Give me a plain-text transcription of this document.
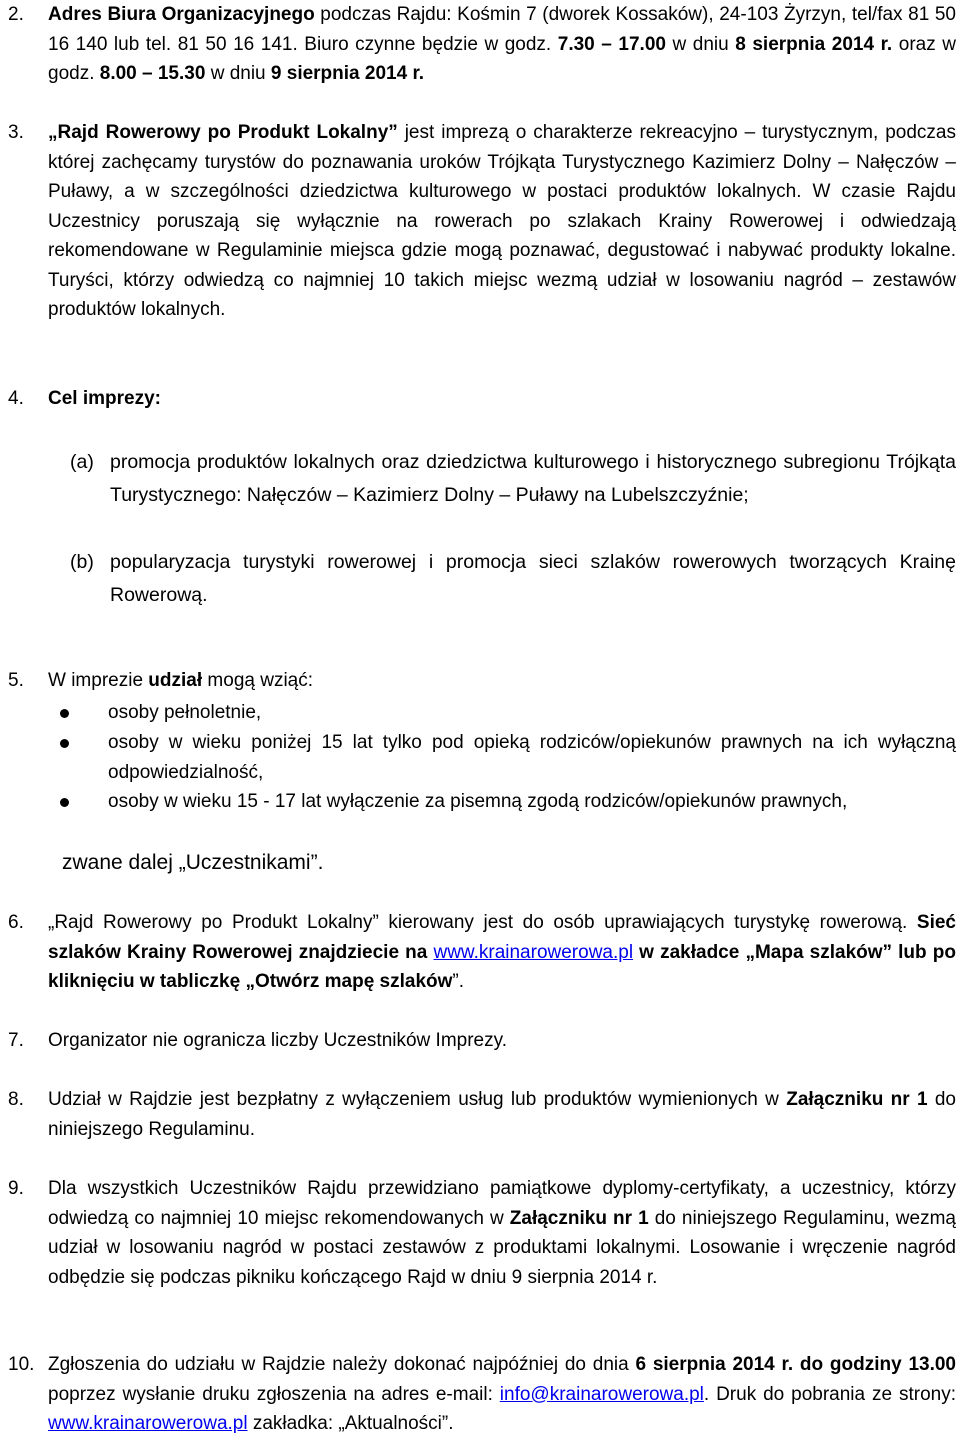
2. Adres Biura Organizacyjnego podczas Rajdu: Kośmin 7 (dworek Kossaków), 24-103 Żyrzyn, tel/fax 81 50 16 140 lub tel. 81 50 16 141. Biuro czynne będzie w godz. 7.30 – 17.00 w dniu 8 sierpnia 2014 r. oraz w godz. 8.00 – 15.30 w dniu 9 sierpnia 2014 r.
3. „Rajd Rowerowy po Produkt Lokalny” jest imprezą o charakterze rekreacyjno – turystycznym, podczas której zachęcamy turystów do poznawania uroków Trójkąta Turystycznego Kazimierz Dolny – Nałęczów – Puławy, a w szczególności dziedzictwa kulturowego w postaci produktów lokalnych. W czasie Rajdu Uczestnicy poruszają się wyłącznie na rowerach po szlakach Krainy Rowerowej i odwiedzają rekomendowane w Regulaminie miejsca gdzie mogą poznawać, degustować i nabywać produkty lokalne. Turyści, którzy odwiedzą co najmniej 10 takich miejsc wezmą udział w losowaniu nagród – zestawów produktów lokalnych.
4. Cel imprezy:
(a) promocja produktów lokalnych oraz dziedzictwa kulturowego i historycznego subregionu Trójkąta Turystycznego: Nałęczów – Kazimierz Dolny – Puławy na Lubelszczyźnie;
(b) popularyzacja turystyki rowerowej i promocja sieci szlaków rowerowych tworzących Krainę Rowerową.
5. W imprezie udział mogą wziąć:
osoby pełnoletnie,
osoby w wieku poniżej 15 lat tylko pod opieką rodziców/opiekunów prawnych na ich wyłączną odpowiedzialność,
osoby w wieku 15 - 17 lat wyłączenie za pisemną zgodą rodziców/opiekunów prawnych,
zwane dalej „Uczestnikami”.
6. „Rajd Rowerowy po Produkt Lokalny” kierowany jest do osób uprawiających turystykę rowerową. Sieć szlaków Krainy Rowerowej znajdziecie na www.krainarowerowa.pl w zakładce „Mapa szlaków” lub po kliknięciu w tabliczkę „Otwórz mapę szlaków”.
7. Organizator nie ogranicza liczby Uczestników Imprezy.
8. Udział w Rajdzie jest bezpłatny z wyłączeniem usług lub produktów wymienionych w Załączniku nr 1 do niniejszego Regulaminu.
9. Dla wszystkich Uczestników Rajdu przewidziano pamiątkowe dyplomy-certyfikaty, a uczestnicy, którzy odwiedzą co najmniej 10 miejsc rekomendowanych w Załączniku nr 1 do niniejszego Regulaminu, wezmą udział w losowaniu nagród w postaci zestawów z produktami lokalnymi. Losowanie i wręczenie nagród odbędzie się podczas pikniku kończącego Rajd w dniu 9 sierpnia 2014 r.
10. Zgłoszenia do udziału w Rajdzie należy dokonać najpóźniej do dnia 6 sierpnia 2014 r. do godziny 13.00 poprzez wysłanie druku zgłoszenia na adres e-mail: info@krainarowerowa.pl. Druk do pobrania ze strony: www.krainarowerowa.pl zakładka: „Aktualności”.
